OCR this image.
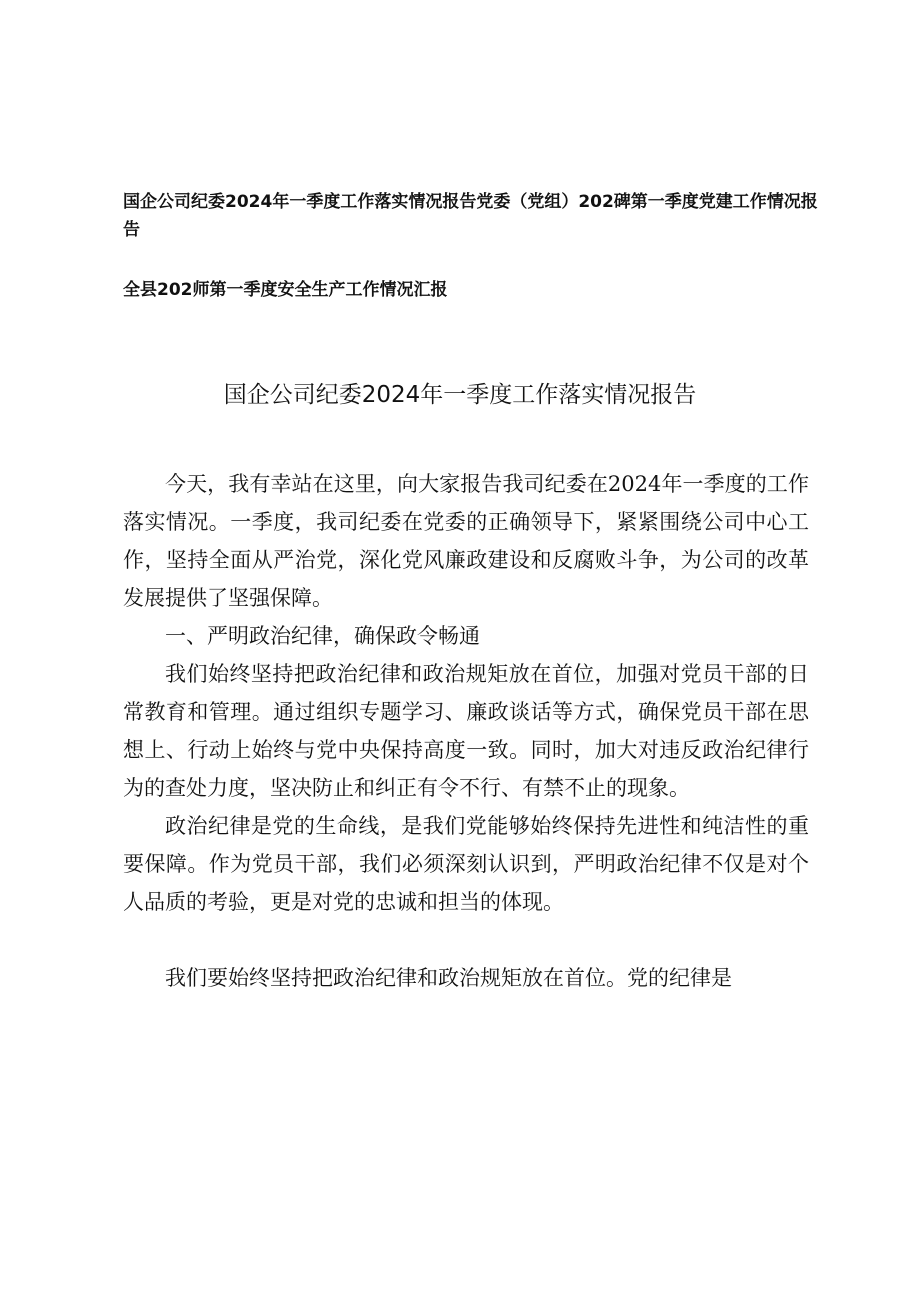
国企公司纪委2024年一季度工作落实情况报告党委（党组）202碑第一季度党建工作情况报告
全县202师第一季度安全生产工作情况汇报
国企公司纪委2024年一季度工作落实情况报告

今天，我有幸站在这里，向大家报告我司纪委在2024年一季度的工作落实情况。一季度，我司纪委在党委的正确领导下，紧紧围绕公司中心工作，坚持全面从严治党，深化党风廉政建设和反腐败斗争，为公司的改革发展提供了坚强保障。

一、严明政治纪律，确保政令畅通

我们始终坚持把政治纪律和政治规矩放在首位，加强对党员干部的日常教育和管理。通过组织专题学习、廉政谈话等方式，确保党员干部在思想上、行动上始终与党中央保持高度一致。同时，加大对违反政治纪律行为的查处力度，坚决防止和纠正有令不行、有禁不止的现象。

政治纪律是党的生命线，是我们党能够始终保持先进性和纯洁性的重要保障。作为党员干部，我们必须深刻认识到，严明政治纪律不仅是对个人品质的考验，更是对党的忠诚和担当的体现。

我们要始终坚持把政治纪律和政治规矩放在首位。党的纪律是
